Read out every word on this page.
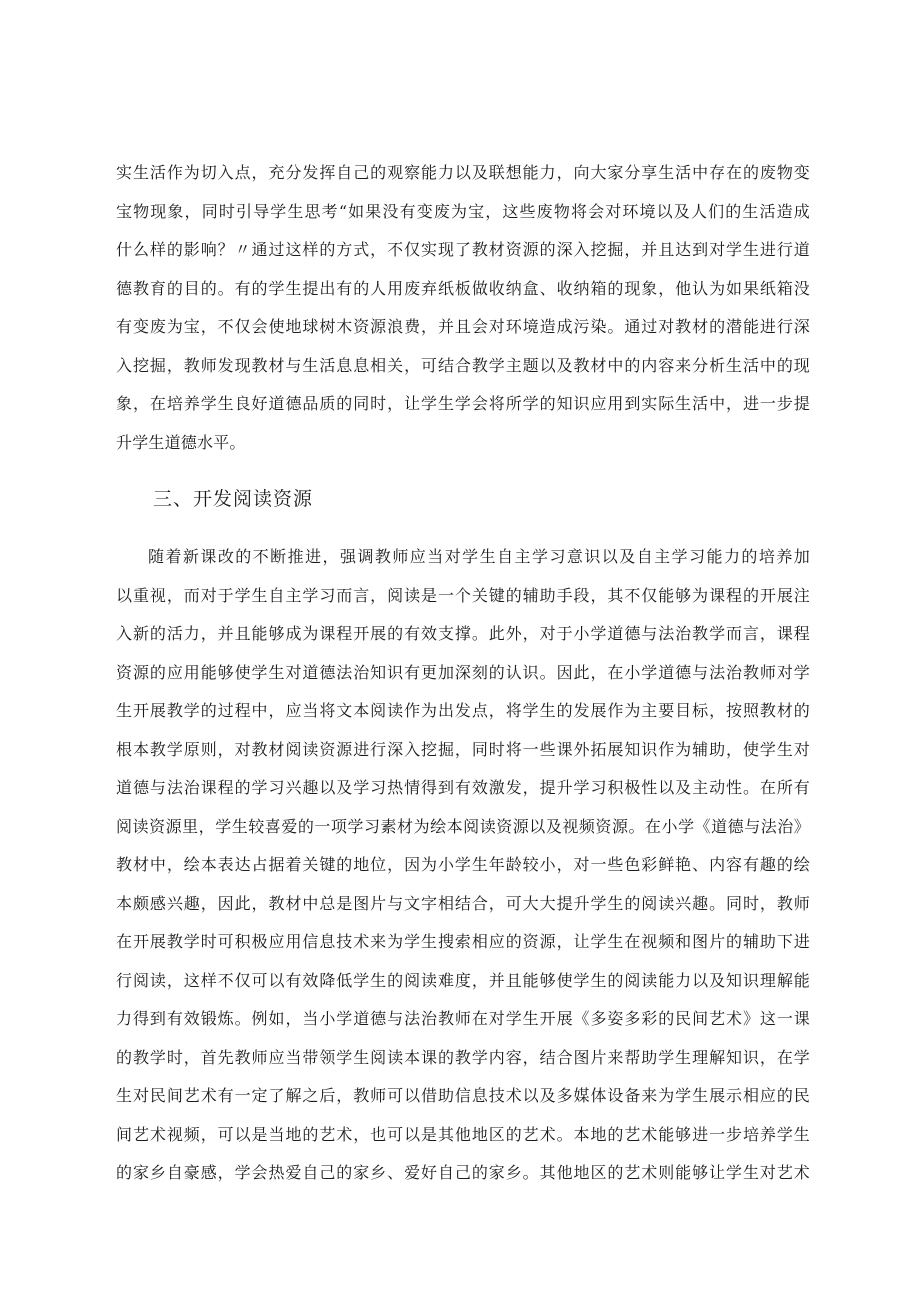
实生活作为切入点，充分发挥自己的观察能力以及联想能力，向大家分享生活中存在的废物变
宝物现象，同时引导学生思考“如果没有变废为宝，这些废物将会对环境以及人们的生活造成
什么样的影响？〃通过这样的方式，不仅实现了教材资源的深入挖掘，并且达到对学生进行道
德教育的目的。有的学生提出有的人用废弃纸板做收纳盒、收纳箱的现象，他认为如果纸箱没
有变废为宝，不仅会使地球树木资源浪费，并且会对环境造成污染。通过对教材的潜能进行深
入挖掘，教师发现教材与生活息息相关，可结合教学主题以及教材中的内容来分析生活中的现
象，在培养学生良好道德品质的同时，让学生学会将所学的知识应用到实际生活中，进一步提
升学生道德水平。
三、开发阅读资源
随着新课改的不断推进，强调教师应当对学生自主学习意识以及自主学习能力的培养加
以重视，而对于学生自主学习而言，阅读是一个关键的辅助手段，其不仅能够为课程的开展注
入新的活力，并且能够成为课程开展的有效支撑。此外，对于小学道德与法治教学而言，课程
资源的应用能够使学生对道德法治知识有更加深刻的认识。因此，在小学道德与法治教师对学
生开展教学的过程中，应当将文本阅读作为出发点，将学生的发展作为主要目标，按照教材的
根本教学原则，对教材阅读资源进行深入挖掘，同时将一些课外拓展知识作为辅助，使学生对
道德与法治课程的学习兴趣以及学习热情得到有效激发，提升学习积极性以及主动性。在所有
阅读资源里，学生较喜爱的一项学习素材为绘本阅读资源以及视频资源。在小学《道德与法治》
教材中，绘本表达占据着关键的地位，因为小学生年龄较小，对一些色彩鲜艳、内容有趣的绘
本颇感兴趣，因此，教材中总是图片与文字相结合，可大大提升学生的阅读兴趣。同时，教师
在开展教学时可积极应用信息技术来为学生搜索相应的资源，让学生在视频和图片的辅助下进
行阅读，这样不仅可以有效降低学生的阅读难度，并且能够使学生的阅读能力以及知识理解能
力得到有效锻炼。例如，当小学道德与法治教师在对学生开展《多姿多彩的民间艺术》这一课
的教学时，首先教师应当带领学生阅读本课的教学内容，结合图片来帮助学生理解知识，在学
生对民间艺术有一定了解之后，教师可以借助信息技术以及多媒体设备来为学生展示相应的民
间艺术视频，可以是当地的艺术，也可以是其他地区的艺术。本地的艺术能够进一步培养学生
的家乡自豪感，学会热爱自己的家乡、爱好自己的家乡。其他地区的艺术则能够让学生对艺术
